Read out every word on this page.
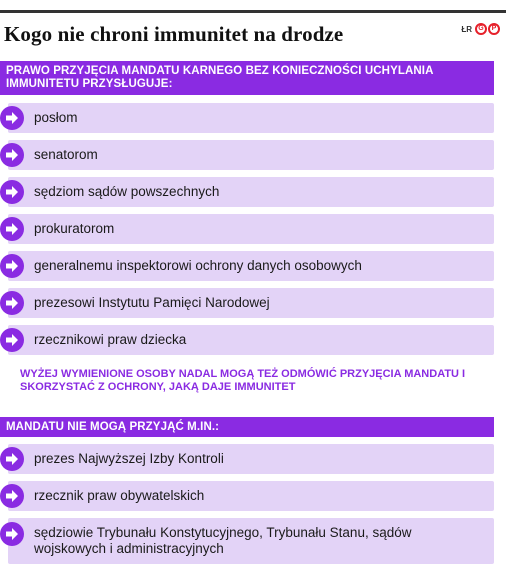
Kogo nie chroni immunitet na drodze	ŁR G	P
PRAWO PRZYJĘCIA MANDATU KARNEGO BEZ KONIECZNOŚCI UCHYLANIA IMMUNITETU PRZYSŁUGUJE:
posłom
senatorom
sędziom sądów powszechnych
prokuratorom
generalnemu inspektorowi ochrony danych osobowych
prezesowi Instytutu Pamięci Narodowej
rzecznikowi praw dziecka
WYŻEJ WYMIENIONE OSOBY NADAL MOGĄ TEŻ ODMÓWIĆ PRZYJĘCIA MANDATU I SKORZYSTAĆ Z OCHRONY, JAKĄ DAJE IMMUNITET
MANDATU NIE MOGĄ PRZYJĄĆ M.IN.:
prezes Najwyższej Izby Kontroli
rzecznik praw obywatelskich
sędziowie Trybunału Konstytucyjnego, Trybunału Stanu, sądów wojskowych i administracyjnych
